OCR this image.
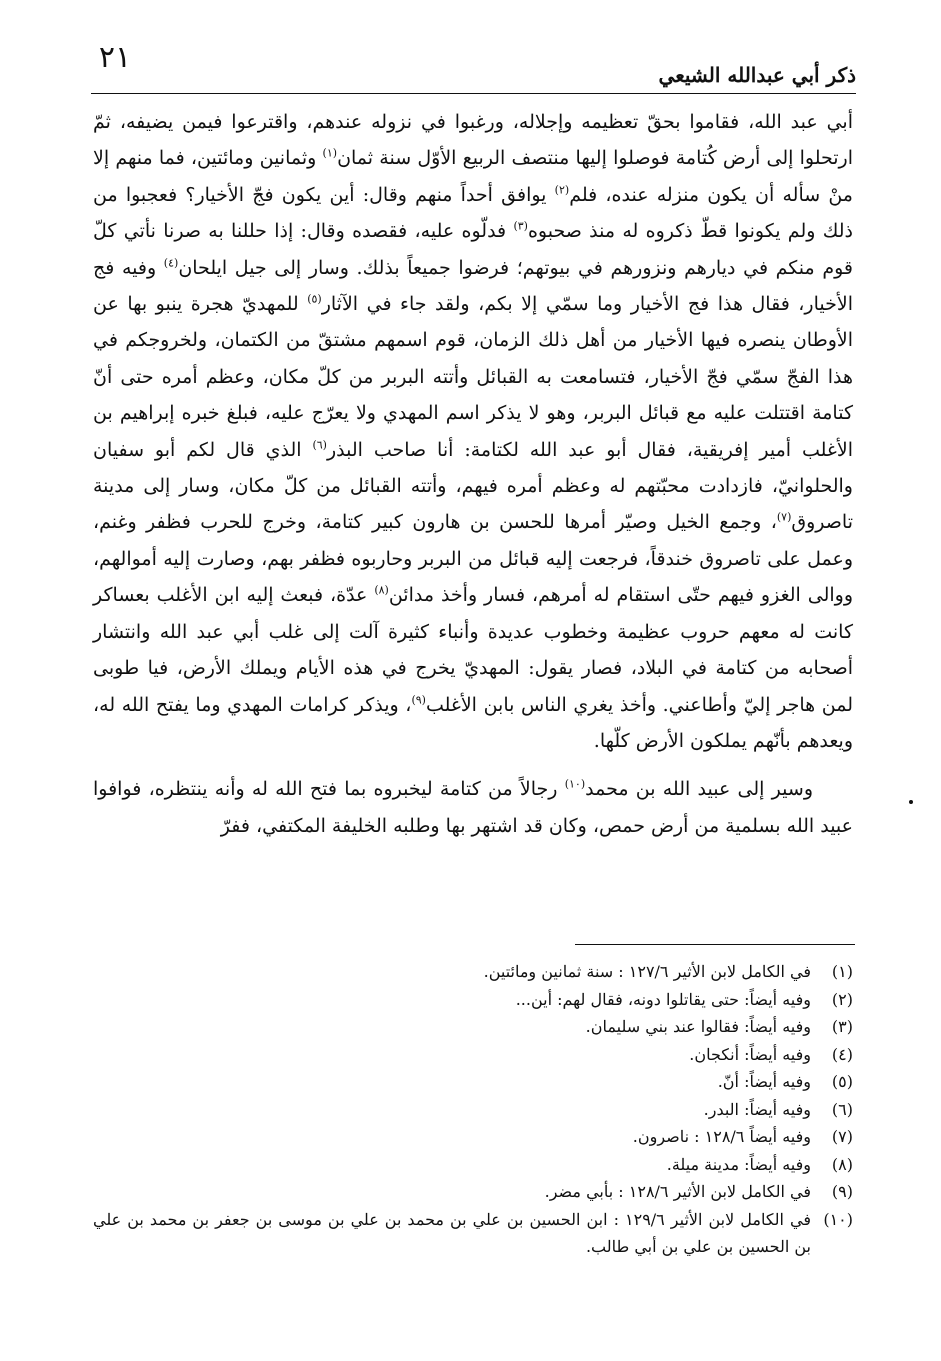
٢١	ذكر أبي عبدالله الشيعي

أبي عبد الله، فقاموا بحقّ تعظيمه وإجلاله، ورغبوا في نزوله عندهم، واقترعوا فيمن يضيفه، ثمّ ارتحلوا إلى أرض كُتامة فوصلوا إليها منتصف الربيع الأوّل سنة ثمان$^{(١)}$ وثمانين ومائتين، فما منهم إلا منْ سأله أن يكون منزله عنده، فلم$^{(٢)}$ يوافق أحداً منهم وقال: أين يكون فجّ الأخيار؟ فعجبوا من ذلك ولم يكونوا قطّ ذكروه له منذ صحبوه$^{(٣)}$ فدلّوه عليه، فقصده وقال: إذا حللنا به صرنا نأتي كلّ قوم منكم في ديارهم ونزورهم في بيوتهم؛ فرضوا جميعاً بذلك. وسار إلى جيل ايلحان$^{(٤)}$ وفيه فج الأخيار، فقال هذا فج الأخيار وما سمّي إلا بكم، ولقد جاء في الآثار$^{(٥)}$ للمهديّ هجرة ينبو بها عن الأوطان ينصره فيها الأخيار من أهل ذلك الزمان، قوم اسمهم مشتقّ من الكتمان، ولخروجكم في هذا الفجّ سمّي فجّ الأخيار، فتسامعت به القبائل وأتته البربر من كلّ مكان، وعظم أمره حتى أنّ كتامة اقتتلت عليه مع قبائل البربر، وهو لا يذكر اسم المهدي ولا يعرّج عليه، فبلغ خبره إبراهيم بن الأغلب أمير إفريقية، فقال أبو عبد الله لكتامة: أنا صاحب البذر$^{(٦)}$ الذي قال لكم أبو سفيان والحلوانيّ، فازدادت محبّتهم له وعظم أمره فيهم، وأتته القبائل من كلّ مكان، وسار إلى مدينة تاصروق$^{(٧)}$، وجمع الخيل وصيّر أمرها للحسن بن هارون كبير كتامة، وخرج للحرب فظفر وغنم، وعمل على تاصروق خندقاً، فرجعت إليه قبائل من البربر وحاربوه فظفر بهم، وصارت إليه أموالهم، ووالى الغزو فيهم حتّى استقام له أمرهم، فسار وأخذ مدائن$^{(٨)}$ عدّة، فبعث إليه ابن الأغلب بعساكر كانت له معهم حروب عظيمة وخطوب عديدة وأنباء كثيرة آلت إلى غلب أبي عبد الله وانتشار أصحابه من كتامة في البلاد، فصار يقول: المهديّ يخرج في هذه الأيام ويملك الأرض، فيا طوبى لمن هاجر إليّ وأطاعني. وأخذ يغري الناس بابن الأغلب$^{(٩)}$، ويذكر كرامات المهدي وما يفتح الله له، ويعدهم بأنّهم يملكون الأرض كلّها.

وسير إلى عبيد الله بن محمد$^{(١٠)}$ رجالاً من كتامة ليخبروه بما فتح الله له وأنه ينتظره، فوافوا عبيد الله بسلمية من أرض حمص، وكان قد اشتهر بها وطلبه الخليفة المكتفي، ففرّ

(١)
في الكامل لابن الأثير ١٢٧/٦ : سنة ثمانين ومائتين.
(٢)
وفيه أيضاً: حتى يقاتلوا دونه، فقال لهم: أين...
(٣)
وفيه أيضاً: فقالوا عند بني سليمان.
(٤)
وفيه أيضاً: أنكجان.
(٥)
وفيه أيضاً: أنّ.
(٦)
وفيه أيضاً: البدر.
(٧)
وفيه أيضاً ١٢٨/٦ : ناصرون.
(٨)
وفيه أيضاً: مدينة ميلة.
(٩)
في الكامل لابن الأثير ١٢٨/٦ : بأبي مضر.
(١٠)
في الكامل لابن الأثير ١٢٩/٦ : ابن الحسين بن علي بن محمد بن علي بن موسى بن جعفر بن محمد بن علي بن الحسين بن علي بن أبي طالب.
